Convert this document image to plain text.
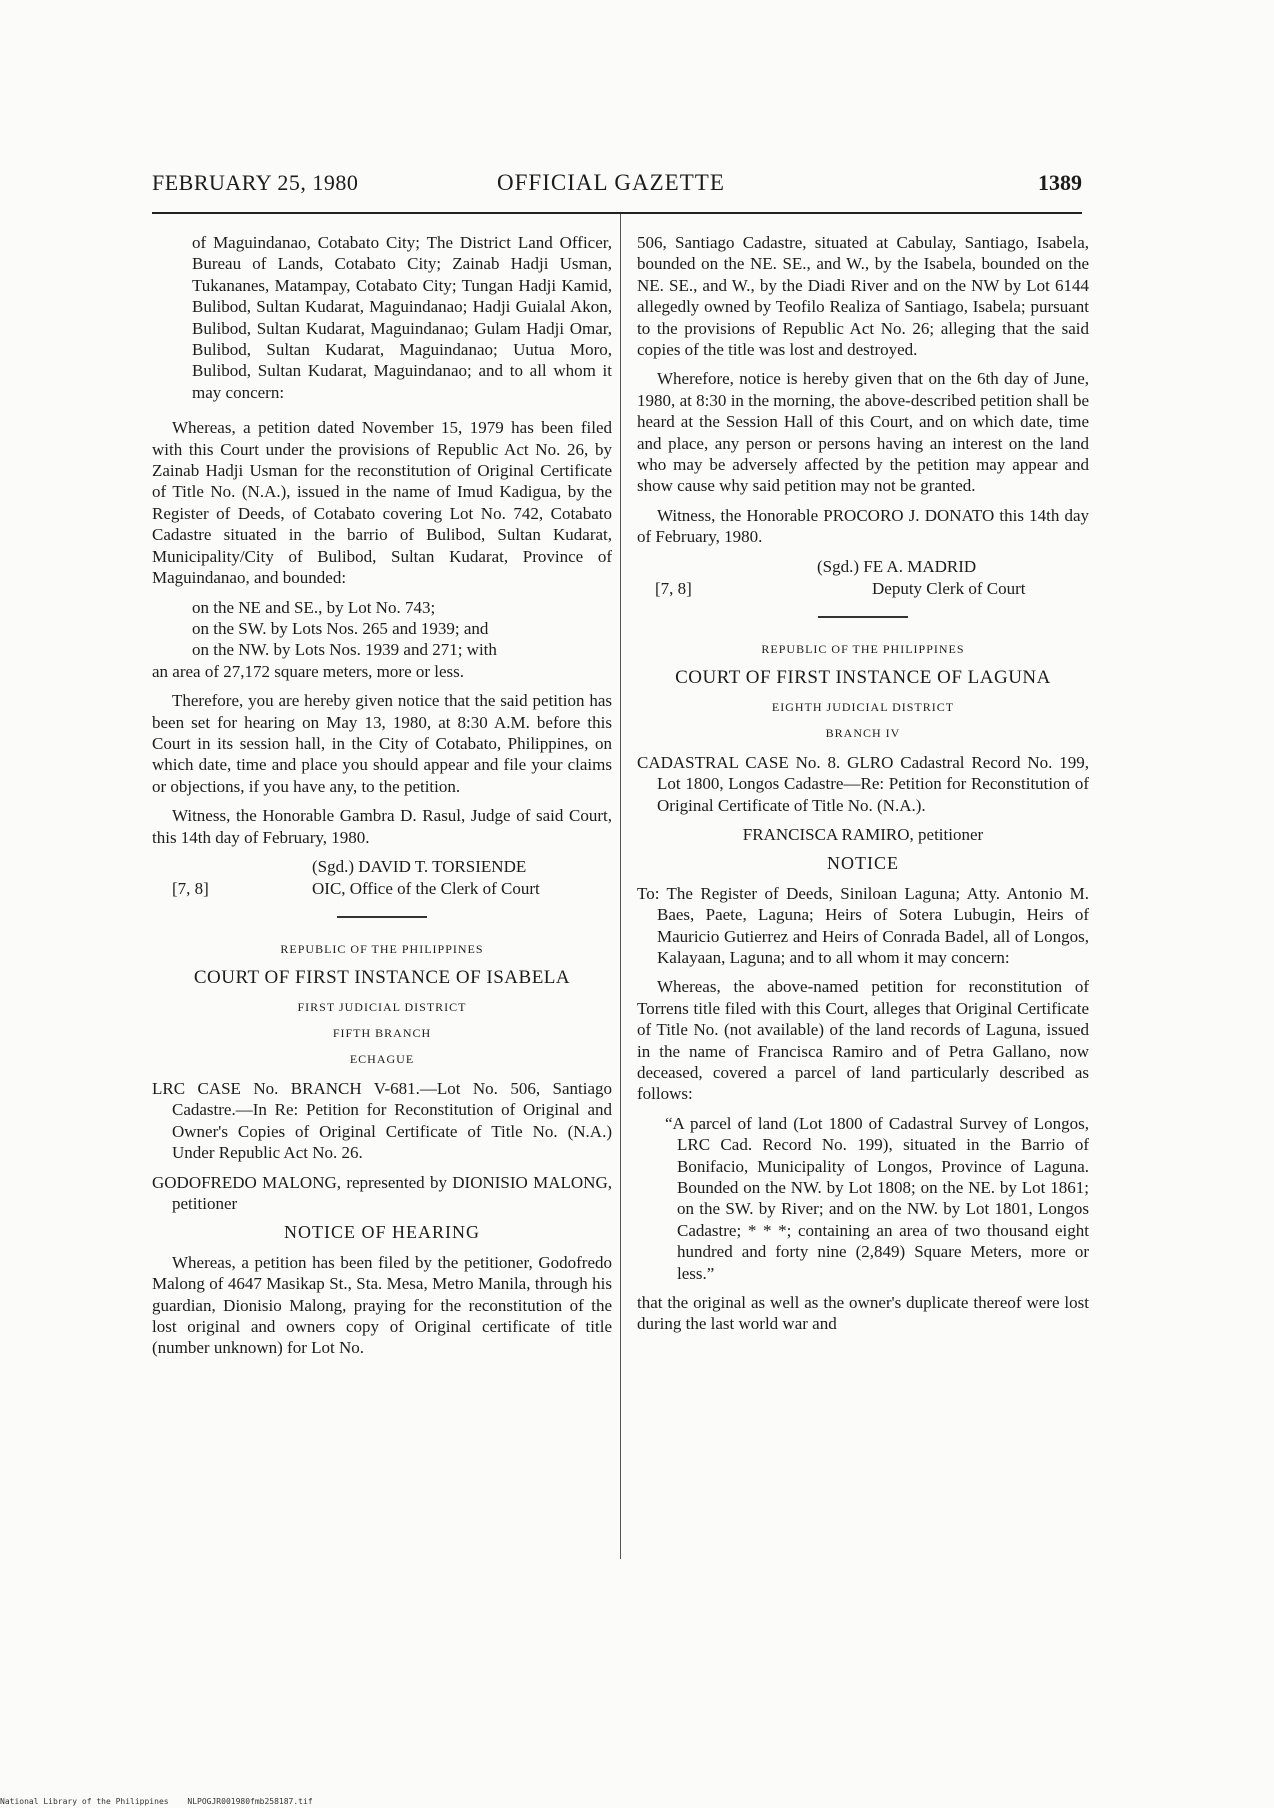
FEBRUARY 25, 1980	OFFICIAL GAZETTE	1389

of Maguindanao, Cotabato City; The District Land Officer, Bureau of Lands, Cotabato City; Zainab Hadji Usman, Tukananes, Matampay, Cotabato City; Tungan Hadji Kamid, Bulibod, Sultan Kudarat, Maguindanao; Hadji Guialal Akon, Bulibod, Sultan Kudarat, Maguindanao; Gulam Hadji Omar, Bulibod, Sultan Kudarat, Maguindanao; Uutua Moro, Bulibod, Sultan Kudarat, Maguindanao; and to all whom it may concern:

Whereas, a petition dated November 15, 1979 has been filed with this Court under the provisions of Republic Act No. 26, by Zainab Hadji Usman for the reconstitution of Original Certificate of Title No. (N.A.), issued in the name of Imud Kadigua, by the Register of Deeds, of Cotabato covering Lot No. 742, Cotabato Cadastre situated in the barrio of Bulibod, Sultan Kudarat, Municipality/City of Bulibod, Sultan Kudarat, Province of Maguindanao, and bounded:

on the NE and SE., by Lot No. 743;

on the SW. by Lots Nos. 265 and 1939; and

on the NW. by Lots Nos. 1939 and 271; with

an area of 27,172 square meters, more or less.

Therefore, you are hereby given notice that the said petition has been set for hearing on May 13, 1980, at 8:30 A.M. before this Court in its session hall, in the City of Cotabato, Philippines, on which date, time and place you should appear and file your claims or objections, if you have any, to the petition.

Witness, the Honorable Gambra D. Rasul, Judge of said Court, this 14th day of February, 1980.

(Sgd.) DAVID T. TORSIENDE
OIC, Office of the Clerk of Court
[7, 8]

REPUBLIC OF THE PHILIPPINES

COURT OF FIRST INSTANCE OF ISABELA

FIRST JUDICIAL DISTRICT

FIFTH BRANCH

ECHAGUE

LRC CASE No. BRANCH V-681.—Lot No. 506, Santiago Cadastre.—In Re: Petition for Reconstitution of Original and Owner's Copies of Original Certificate of Title No. (N.A.) Under Republic Act No. 26.

GODOFREDO MALONG, represented by DIONISIO MALONG, petitioner

NOTICE OF HEARING

Whereas, a petition has been filed by the petitioner, Godofredo Malong of 4647 Masikap St., Sta. Mesa, Metro Manila, through his guardian, Dionisio Malong, praying for the reconstitution of the lost original and owners copy of Original certificate of title (number unknown) for Lot No.

506, Santiago Cadastre, situated at Cabulay, Santiago, Isabela, bounded on the NE. SE., and W., by the Isabela, bounded on the NE. SE., and W., by the Diadi River and on the NW by Lot 6144 allegedly owned by Teofilo Realiza of Santiago, Isabela; pursuant to the provisions of Republic Act No. 26; alleging that the said copies of the title was lost and destroyed.

Wherefore, notice is hereby given that on the 6th day of June, 1980, at 8:30 in the morning, the above-described petition shall be heard at the Session Hall of this Court, and on which date, time and place, any person or persons having an interest on the land who may be adversely affected by the petition may appear and show cause why said petition may not be granted.

Witness, the Honorable PROCORO J. DONATO this 14th day of February, 1980.

(Sgd.) FE A. MADRID
Deputy Clerk of Court
[7, 8]

REPUBLIC OF THE PHILIPPINES

COURT OF FIRST INSTANCE OF LAGUNA

EIGHTH JUDICIAL DISTRICT

BRANCH IV

CADASTRAL CASE No. 8. GLRO Cadastral Record No. 199, Lot 1800, Longos Cadastre—Re: Petition for Reconstitution of Original Certificate of Title No. (N.A.).

FRANCISCA RAMIRO, petitioner

NOTICE

To: The Register of Deeds, Siniloan Laguna; Atty. Antonio M. Baes, Paete, Laguna; Heirs of Sotera Lubugin, Heirs of Mauricio Gutierrez and Heirs of Conrada Badel, all of Longos, Kalayaan, Laguna; and to all whom it may concern:

Whereas, the above-named petition for reconstitution of Torrens title filed with this Court, alleges that Original Certificate of Title No. (not available) of the land records of Laguna, issued in the name of Francisca Ramiro and of Petra Gallano, now deceased, covered a parcel of land particularly described as follows:

“A parcel of land (Lot 1800 of Cadastral Survey of Longos, LRC Cad. Record No. 199), situated in the Barrio of Bonifacio, Municipality of Longos, Province of Laguna. Bounded on the NW. by Lot 1808; on the NE. by Lot 1861; on the SW. by River; and on the NW. by Lot 1801, Longos Cadastre; * * *; containing an area of two thousand eight hundred and forty nine (2,849) Square Meters, more or less.”

that the original as well as the owner's duplicate thereof were lost during the last world war and

National Library of the Philippines NLPOGJR001980fmb258187.tif
